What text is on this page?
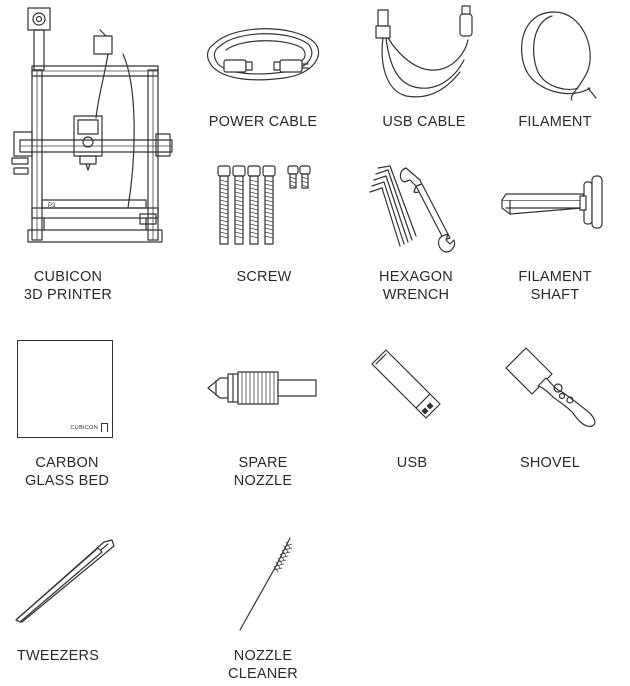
P3
CUBICON
3D PRINTER
POWER CABLE	USB CABLE	FILAMENT
SCREW	HEXAGON
WRENCH
FILAMENT
SHAFT
CUBICON
CARBON
GLASS BED
SPARE
NOZZLE
USB	SHOVEL
TWEEZERS	NOZZLE
CLEANER
